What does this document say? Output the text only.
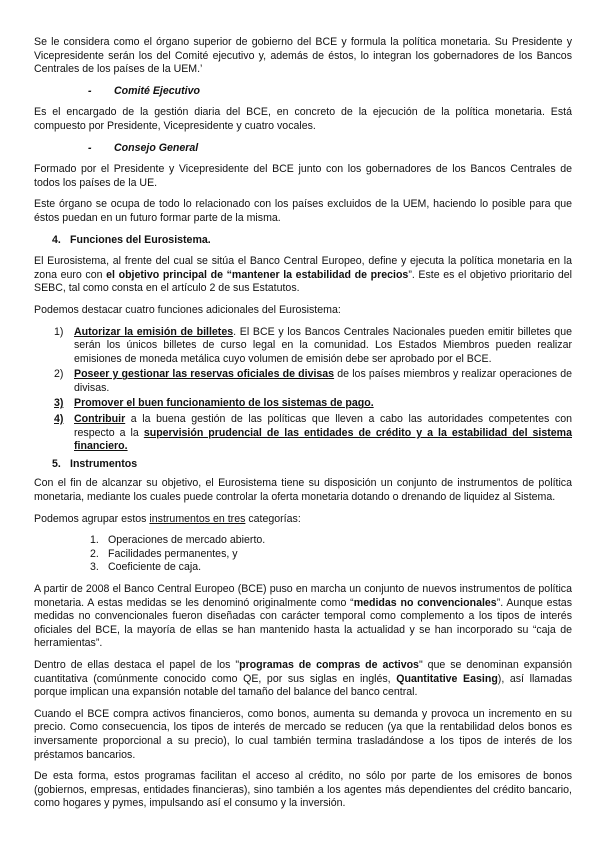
Se le considera como el órgano superior de gobierno del BCE y formula la política monetaria. Su Presidente y Vicepresidente serán los del Comité ejecutivo y, además de éstos, lo integran los gobernadores de los Bancos Centrales de los países de la UEM.’

- Comité Ejecutivo

Es el encargado de la gestión diaria del BCE, en concreto de la ejecución de la política monetaria. Está compuesto por Presidente, Vicepresidente y cuatro vocales.

- Consejo General

Formado por el Presidente y Vicepresidente del BCE junto con los gobernadores de los Bancos Centrales de todos los países de la UE.

Este órgano se ocupa de todo lo relacionado con los países excluidos de la UEM, haciendo lo posible para que éstos puedan en un futuro formar parte de la misma.

4. Funciones del Eurosistema.

El Eurosistema, al frente del cual se sitúa el Banco Central Europeo, define y ejecuta la política monetaria en la zona euro con el objetivo principal de “mantener la estabilidad de precios”. Este es el objetivo prioritario del SEBC, tal como consta en el artículo 2 de sus Estatutos.

Podemos destacar cuatro funciones adicionales del Eurosistema:

1) Autorizar la emisión de billetes. El BCE y los Bancos Centrales Nacionales pueden emitir billetes que serán los únicos billetes de curso legal en la comunidad. Los Estados Miembros pueden realizar emisiones de moneda metálica cuyo volumen de emisión debe ser aprobado por el BCE.
2) Poseer y gestionar las reservas oficiales de divisas de los países miembros y realizar operaciones de divisas.
3) Promover el buen funcionamiento de los sistemas de pago.
4) Contribuir a la buena gestión de las políticas que lleven a cabo las autoridades competentes con respecto a la supervisión prudencial de las entidades de crédito y a la estabilidad del sistema financiero.
5. Instrumentos

Con el fin de alcanzar su objetivo, el Eurosistema tiene su disposición un conjunto de instrumentos de política monetaria, mediante los cuales puede controlar la oferta monetaria dotando o drenando de liquidez al Sistema.

Podemos agrupar estos instrumentos en tres categorías:

1. Operaciones de mercado abierto.
2. Facilidades permanentes, y
3. Coeficiente de caja.

A partir de 2008 el Banco Central Europeo (BCE) puso en marcha un conjunto de nuevos instrumentos de política monetaria. A estas medidas se les denominó originalmente como “medidas no convencionales”. Aunque estas medidas no convencionales fueron diseñadas con carácter temporal como complemento a los tipos de interés oficiales del BCE, la mayoría de ellas se han mantenido hasta la actualidad y se han incorporado su “caja de herramientas”.

Dentro de ellas destaca el papel de los "programas de compras de activos" que se denominan expansión cuantitativa (comúnmente conocido como QE, por sus siglas en inglés, Quantitative Easing), así llamadas porque implican una expansión notable del tamaño del balance del banco central.

Cuando el BCE compra activos financieros, como bonos, aumenta su demanda y provoca un incremento en su precio. Como consecuencia, los tipos de interés de mercado se reducen (ya que la rentabilidad delos bonos es inversamente proporcional a su precio), lo cual también termina trasladándose a los tipos de interés de los préstamos bancarios.

De esta forma, estos programas facilitan el acceso al crédito, no sólo por parte de los emisores de bonos (gobiernos, empresas, entidades financieras), sino también a los agentes más dependientes del crédito bancario, como hogares y pymes, impulsando así el consumo y la inversión.
